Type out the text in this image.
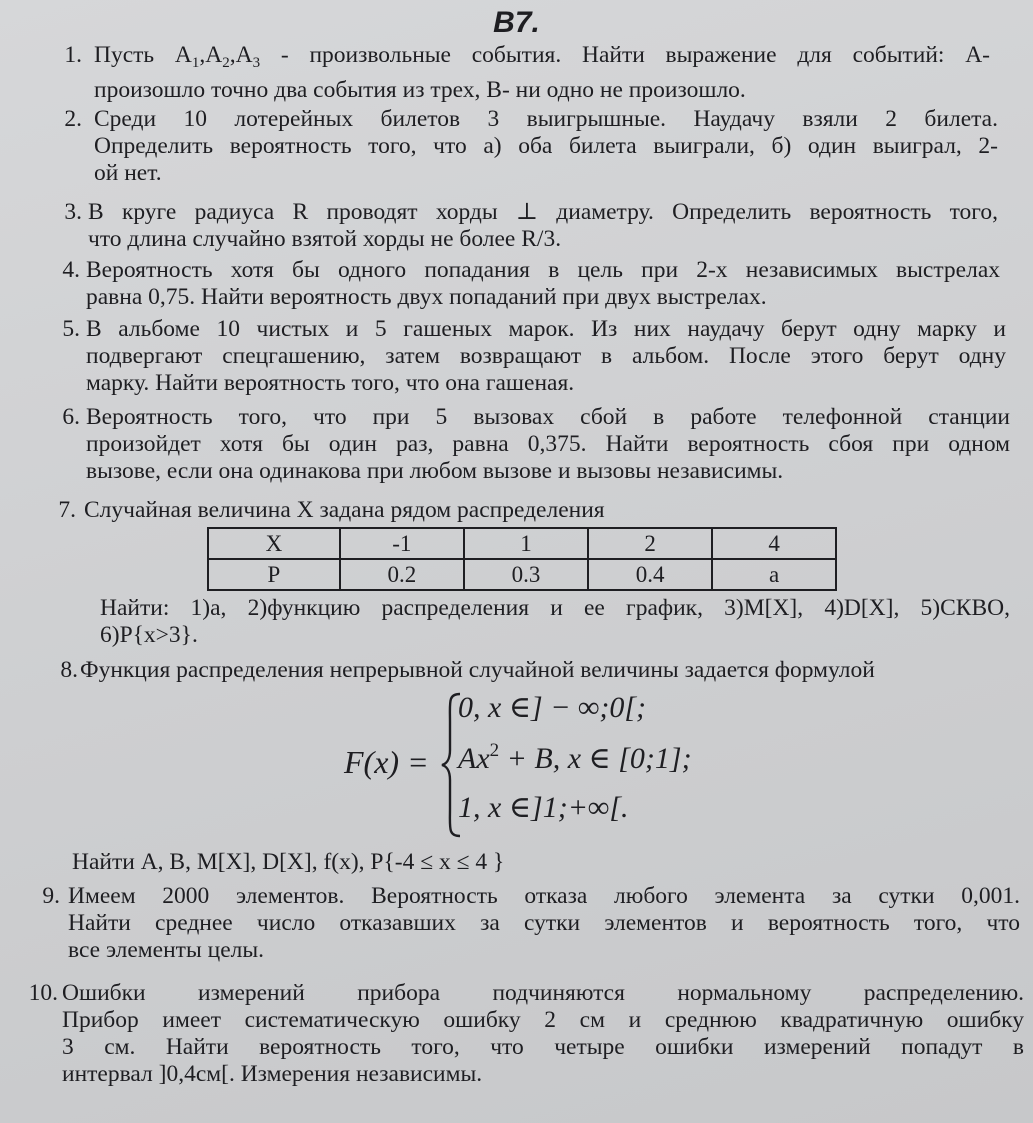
B7.
1. Пусть $A_1,A_2,A_3$ - произвольные события. Найти выражение для событий: A-
произошло точно два события из трех, B- ни одно не произошло.
2. Среди 10 лотерейных билетов 3 выигрышные. Наудачу взяли 2 билета.
Определить вероятность того, что а) оба билета выиграли, б) один выиграл, 2-
ой нет.
3. В круге радиуса R проводят хорды ⊥ диаметру. Определить вероятность того,
что длина случайно взятой хорды не более R/3.
4. Вероятность хотя бы одного попадания в цель при 2-х независимых выстрелах
равна 0,75. Найти вероятность двух попаданий при двух выстрелах.
5. В альбоме 10 чистых и 5 гашеных марок. Из них наудачу берут одну марку и
подвергают спецгашению, затем возвращают в альбом. После этого берут одну
марку. Найти вероятность того, что она гашеная.
6. Вероятность того, что при 5 вызовах сбой в работе телефонной станции
произойдет хотя бы один раз, равна 0,375. Найти вероятность сбоя при одном
вызове, если она одинакова при любом вызове и вызовы независимы.
7. Случайная величина X задана рядом распределения
X	-1	1	2	4
P	0.2	0.3	0.4	a
Найти: 1)a, 2)функцию распределения и ее график, 3)M[X], 4)D[X], 5)СКВО,
6)P{x>3}.
8. Функция распределения непрерывной случайной величины задается формулой
F(x) =
0, x ∈] − ∞;0[;
$Ax^2 + B$, x ∈ [0;1];
1, x ∈]1;+∞[.
Найти A, B, M[X], D[X], f(x), P{-4 ≤ x ≤ 4 }
9. Имеем 2000 элементов. Вероятность отказа любого элемента за сутки 0,001.
Найти среднее число отказавших за сутки элементов и вероятность того, что
все элементы целы.
10. Ошибки измерений прибора подчиняются нормальному распределению.
Прибор имеет систематическую ошибку 2 см и среднюю квадратичную ошибку
3 см. Найти вероятность того, что четыре ошибки измерений попадут в
интервал ]0,4см[. Измерения независимы.
